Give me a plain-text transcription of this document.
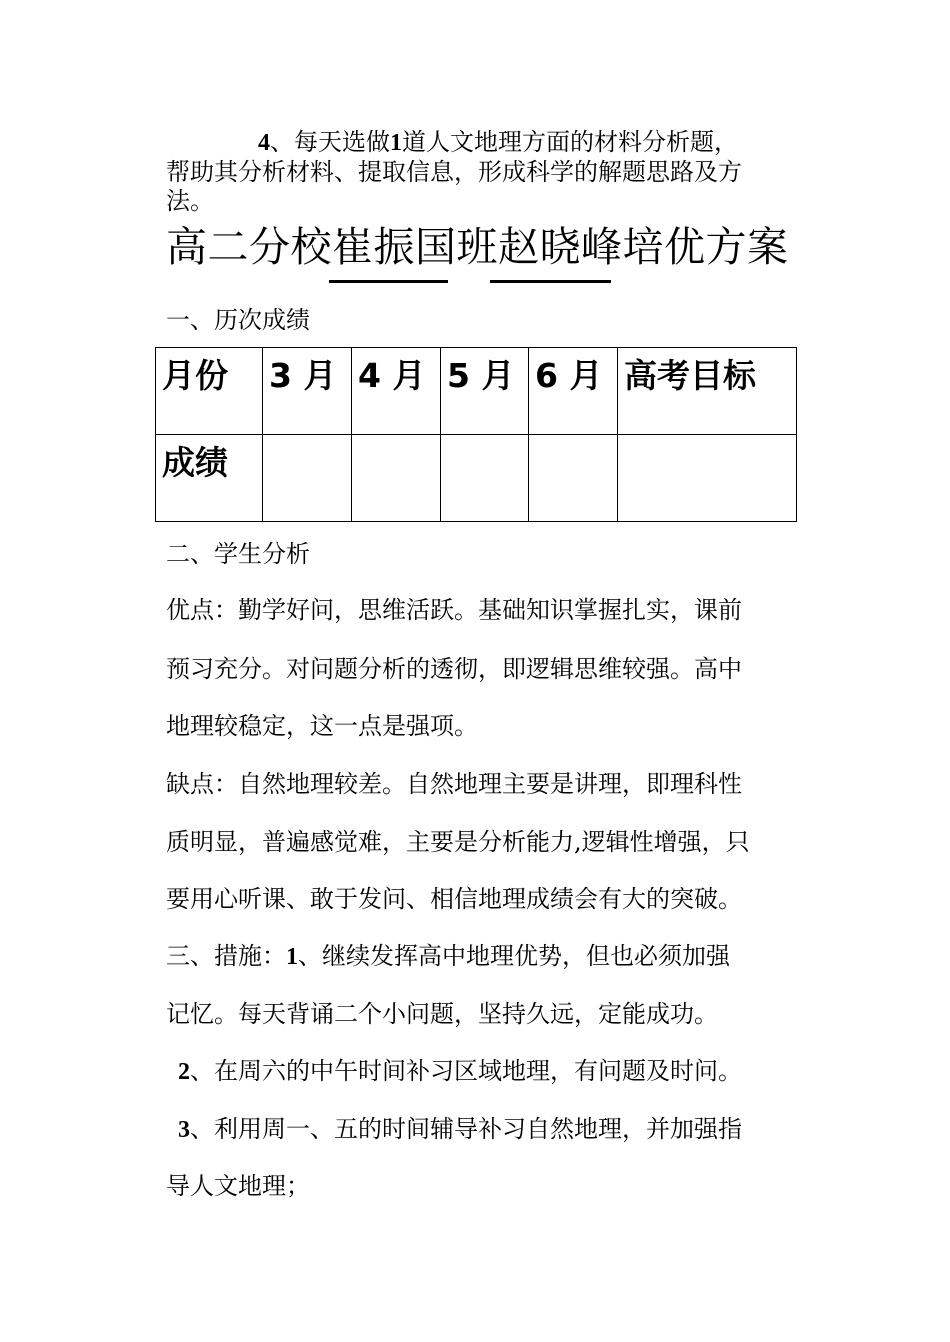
4、每天选做1道人文地理方面的材料分析题，
帮助其分析材料、提取信息，形成科学的解题思路及方
法。
高二分校崔振国班赵晓峰培优方案
一、历次成绩
月份	3 月	4 月	5 月	6 月	高考目标
成绩					
二、学生分析
优点：勤学好问，思维活跃。基础知识掌握扎实，课前
预习充分。对问题分析的透彻，即逻辑思维较强。高中
地理较稳定，这一点是强项。
缺点：自然地理较差。自然地理主要是讲理，即理科性
质明显，普遍感觉难，主要是分析能力,逻辑性增强，只
要用心听课、敢于发问、相信地理成绩会有大的突破。
三、措施：1、继续发挥高中地理优势，但也必须加强
记忆。每天背诵二个小问题，坚持久远，定能成功。
2、在周六的中午时间补习区域地理，有问题及时问。
3、利用周一、五的时间辅导补习自然地理，并加强指
导人文地理；
